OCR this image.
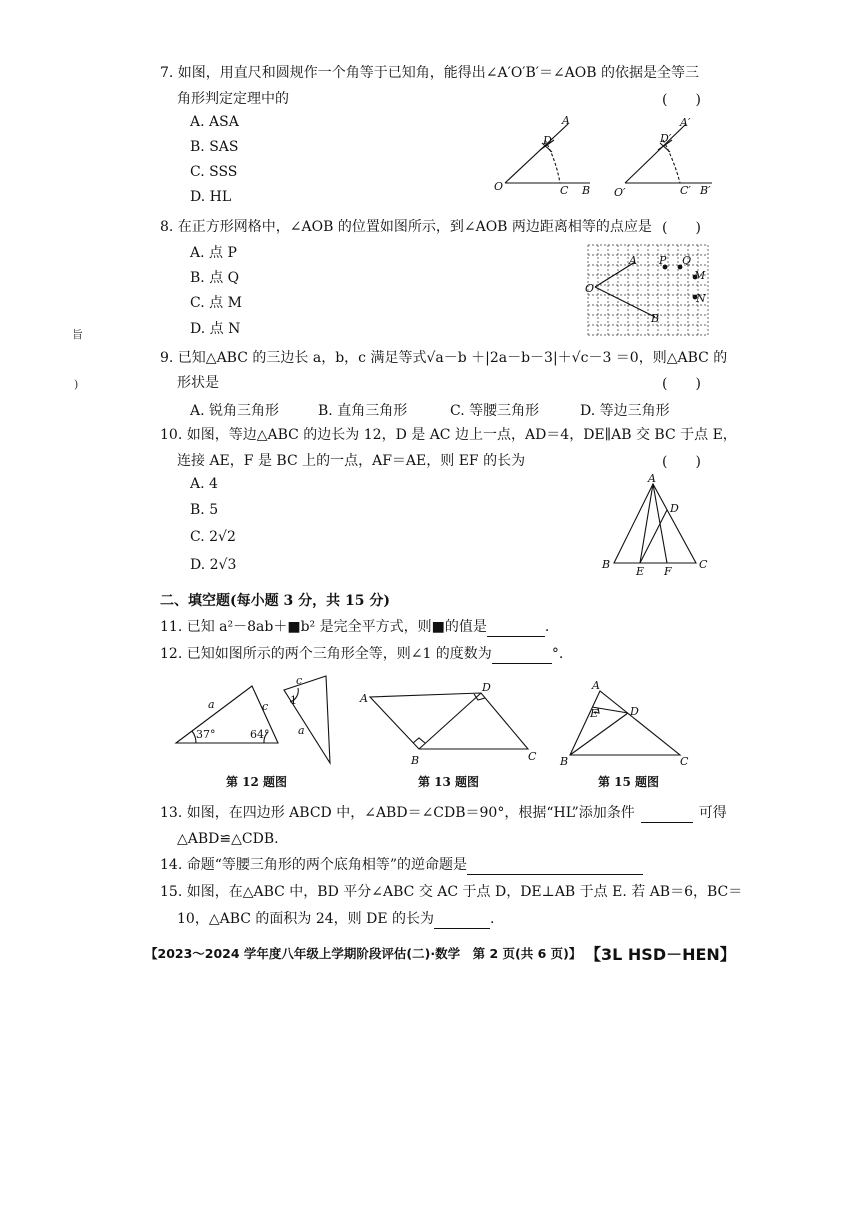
旨
)
7. 如图，用直尺和圆规作一个角等于已知角，能得出∠A′O′B′＝∠AOB 的依据是全等三
角形判定定理中的	(　　)
A. ASA
B. SAS
C. SSS
D. HL
O
A
D
C B O′
A′
D′
C′ B′
8. 在正方形网格中，∠AOB 的位置如图所示，到∠AOB 两边距离相等的点应是 (　　)
A. 点 P
B. 点 Q
C. 点 M
D. 点 N
O
A
B
P Q
M
N
9. 已知△ABC 的三边长 a，b，c 满足等式√a－b ＋|2a－b－3|＋√c－3 ＝0，则△ABC 的
形状是	(　　)
A. 锐角三角形	B. 直角三角形	C. 等腰三角形	D. 等边三角形
10. 如图，等边△ABC 的边长为 12，D 是 AC 边上一点，AD＝4，DE∥AB 交 BC 于点 E，
连接 AE，F 是 BC 上的一点，AF＝AE，则 EF 的长为	(　　)
A. 4
B. 5
C. 2√2
D. 2√3
A
D
B
E F
C
二、填空题(每小题 3 分，共 15 分)
11. 已知 a²－8ab＋■b² 是完全平方式，则■的值是	.
12. 已知如图所示的两个三角形全等，则∠1 的度数为	°.
a	c
37°	64°
c
1
a
第 12 题图
A
D
B	C
第 13 题图
A
E	D
B	C
第 15 题图
13. 如图，在四边形 ABCD 中，∠ABD＝∠CDB＝90°，根据“HL”添加条件	可得
△ABD≌△CDB.
14. 命题“等腰三角形的两个底角相等”的逆命题是
15. 如图，在△ABC 中，BD 平分∠ABC 交 AC 于点 D，DE⊥AB 于点 E. 若 AB＝6，BC＝
10，△ABC 的面积为 24，则 DE 的长为	.
【2023～2024 学年度八年级上学期阶段评估(二)·数学　第 2 页(共 6 页)】 【3L HSD－HEN】
